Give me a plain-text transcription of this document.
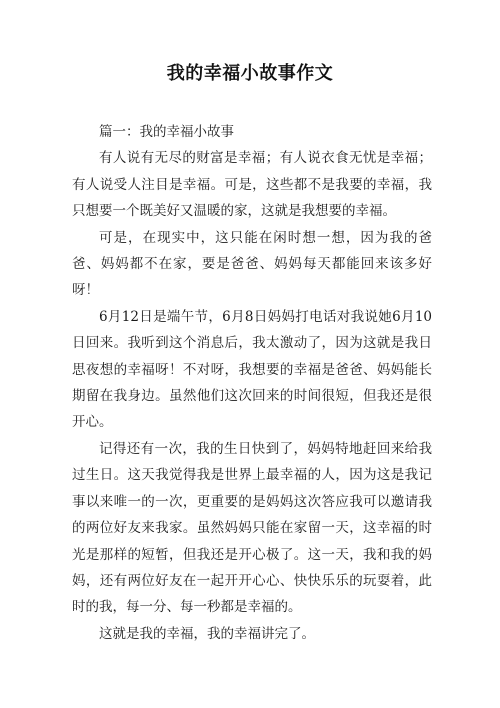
我的幸福小故事作文

篇一：我的幸福小故事

有人说有无尽的财富是幸福；有人说衣食无忧是幸福；有人说受人注目是幸福。可是，这些都不是我要的幸福，我只想要一个既美好又温暖的家，这就是我想要的幸福。

可是，在现实中，这只能在闲时想一想，因为我的爸爸、妈妈都不在家，要是爸爸、妈妈每天都能回来该多好呀！

6月12日是端午节，6月8日妈妈打电话对我说她6月10日回来。我听到这个消息后，我太激动了，因为这就是我日思夜想的幸福呀！不对呀，我想要的幸福是爸爸、妈妈能长期留在我身边。虽然他们这次回来的时间很短，但我还是很开心。

记得还有一次，我的生日快到了，妈妈特地赶回来给我过生日。这天我觉得我是世界上最幸福的人，因为这是我记事以来唯一的一次，更重要的是妈妈这次答应我可以邀请我的两位好友来我家。虽然妈妈只能在家留一天，这幸福的时光是那样的短暂，但我还是开心极了。这一天，我和我的妈妈，还有两位好友在一起开开心心、快快乐乐的玩耍着，此时的我，每一分、每一秒都是幸福的。

这就是我的幸福，我的幸福讲完了。
